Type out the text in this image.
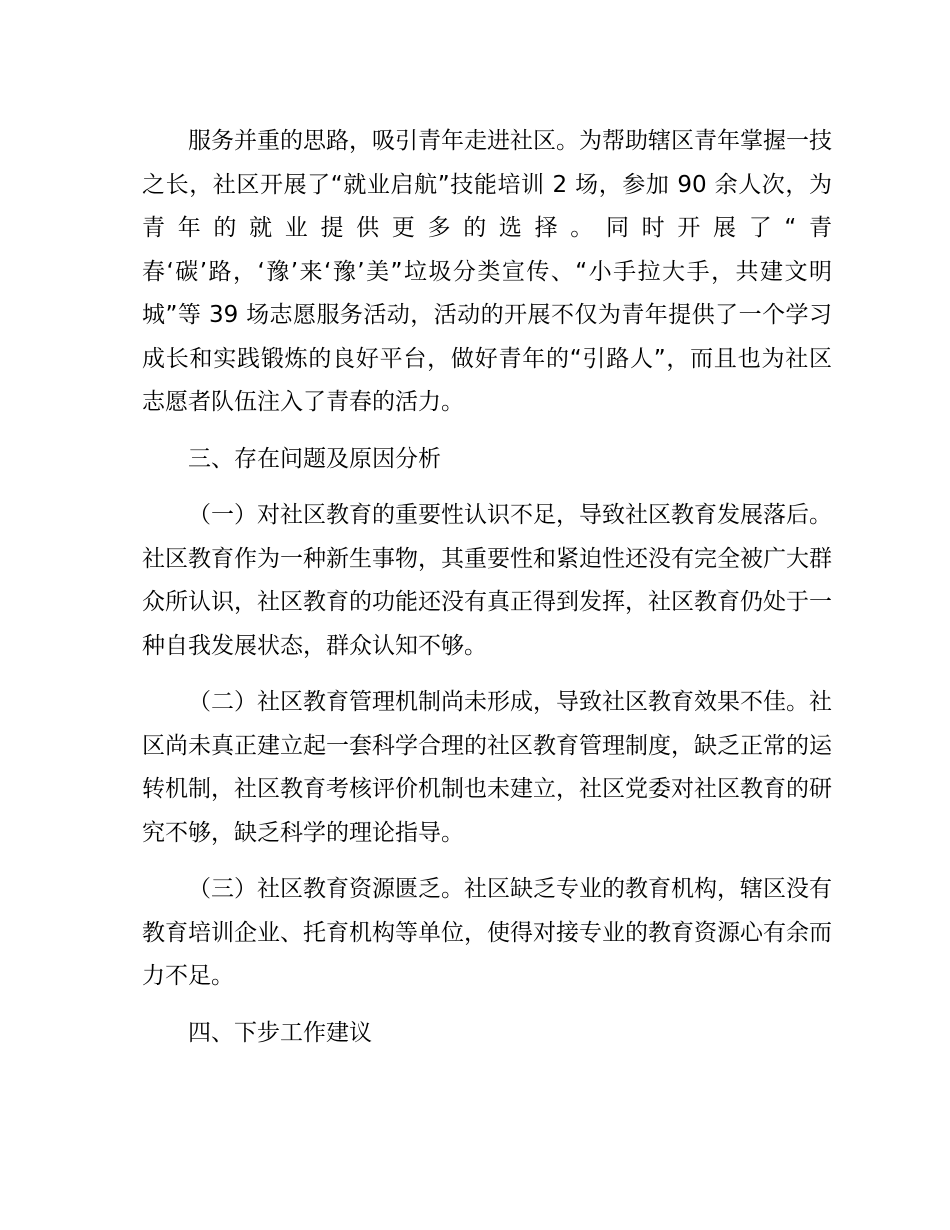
服务并重的思路，吸引青年走进社区。为帮助辖区青年掌握一技之长，社区开展了“就业启航”技能培训 2 场，参加 90 余人次，为青年的就业提供更多的选择。同时开展了“青春‘碳’路，‘豫’来‘豫’美”垃圾分类宣传、“小手拉大手，共建文明城”等 39 场志愿服务活动，活动的开展不仅为青年提供了一个学习成长和实践锻炼的良好平台，做好青年的“引路人”，而且也为社区志愿者队伍注入了青春的活力。

三、存在问题及原因分析

（一）对社区教育的重要性认识不足，导致社区教育发展落后。社区教育作为一种新生事物，其重要性和紧迫性还没有完全被广大群众所认识，社区教育的功能还没有真正得到发挥，社区教育仍处于一种自我发展状态，群众认知不够。

（二）社区教育管理机制尚未形成，导致社区教育效果不佳。社区尚未真正建立起一套科学合理的社区教育管理制度，缺乏正常的运转机制，社区教育考核评价机制也未建立，社区党委对社区教育的研究不够，缺乏科学的理论指导。

（三）社区教育资源匮乏。社区缺乏专业的教育机构，辖区没有教育培训企业、托育机构等单位，使得对接专业的教育资源心有余而力不足。

四、下步工作建议
